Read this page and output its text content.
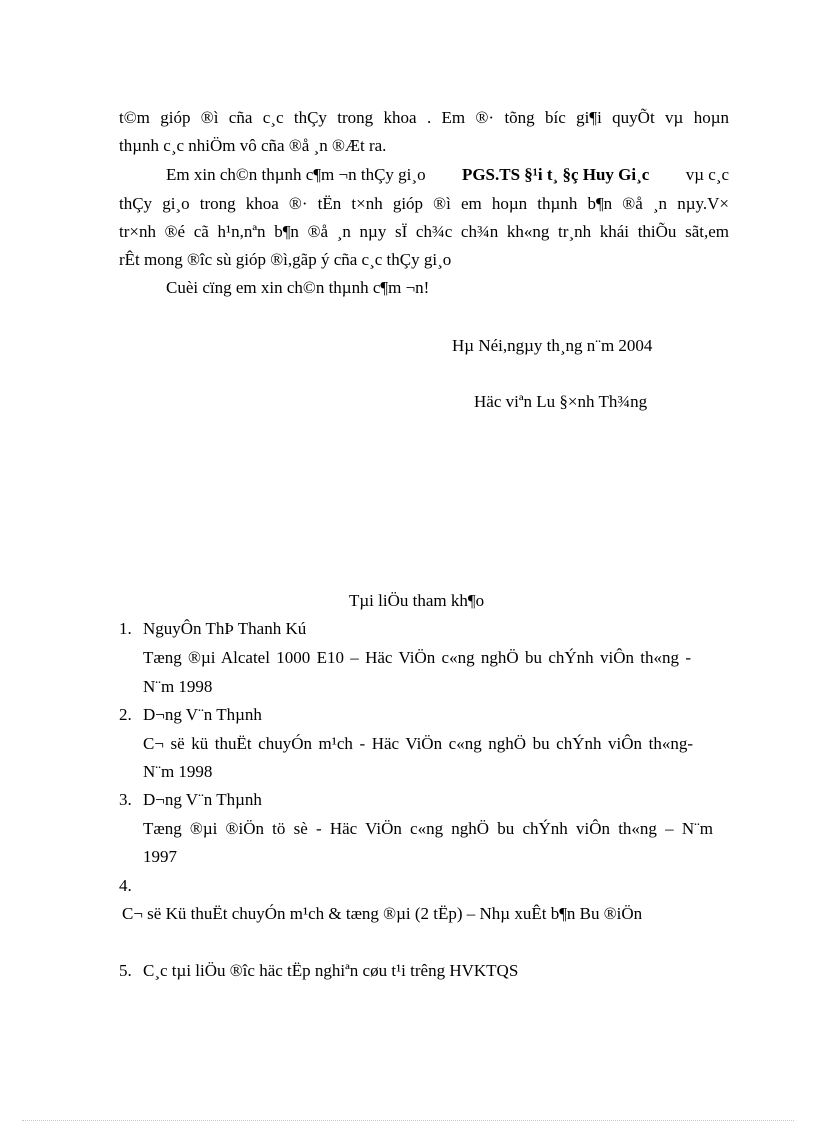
t©m gióp ®ì cña c¸c thÇy trong khoa . Em ®· tõng bíc gi¶i quyÕt vµ hoµn
thµnh c¸c nhiÖm vô cña ®å ¸n ®Æt ra.
Em xin ch©n thµnh c¶m ¬n thÇy gi¸o PGS.TS §¹i t¸ §ç Huy Gi¸c vµ c¸c
thÇy gi¸o trong khoa ®· tËn t×nh gióp ®ì em hoµn thµnh b¶n ®å ¸n nµy.V×
tr×nh ®é cã h¹n,nªn b¶n ®å ¸n nµy sÏ ch¾c ch¾n kh«ng tr¸nh khái thiÕu sãt,em
rÊt mong ®îc sù gióp ®ì,gãp ý cña c¸c thÇy gi¸o
Cuèi cïng em xin ch©n thµnh c¶m ¬n!
Hµ Néi,ngµy th¸ng n¨m 2004
Häc viªn Lu §×nh Th¾ng
Tµi liÖu tham kh¶o
1. NguyÔn ThÞ Thanh Kú
Tæng ®µi Alcatel 1000 E10 – Häc ViÖn c«ng nghÖ bu chÝnh viÔn th«ng -
N¨m 1998
2. D¬ng V¨n Thµnh
C¬ së kü thuËt chuyÓn m¹ch - Häc ViÖn c«ng nghÖ bu chÝnh viÔn th«ng-
N¨m 1998
3. D¬ng V¨n Thµnh
Tæng ®µi ®iÖn tö sè - Häc ViÖn c«ng nghÖ bu chÝnh viÔn th«ng – N¨m
1997
4.
C¬ së Kü thuËt chuyÓn m¹ch & tæng ®µi (2 tËp) – Nhµ xuÊt b¶n Bu ®iÖn
5. C¸c tµi liÖu ®îc häc tËp nghiªn cøu t¹i trêng HVKTQS
